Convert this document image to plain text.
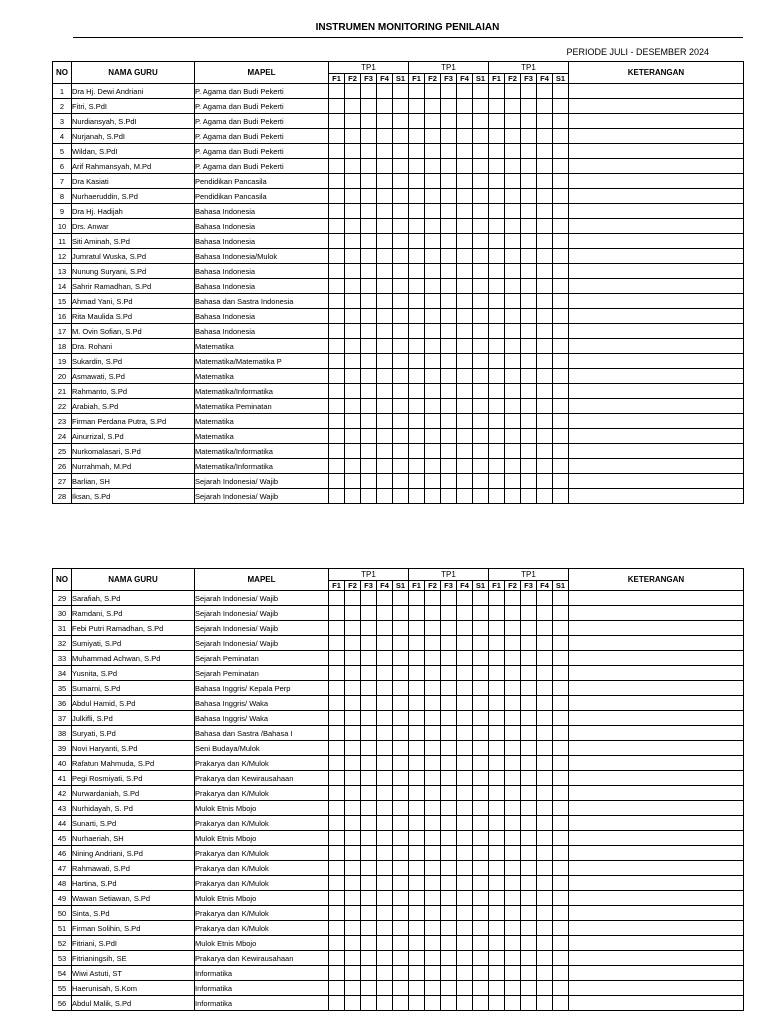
INSTRUMEN MONITORING PENILAIAN
PERIODE JULI - DESEMBER 2024
NO	NAMA GURU	MAPEL	TP1					TP1					TP1					KETERANGAN
			F1	F2	F3	F4	S1	F1	F2	F3	F4	S1	F1	F2	F3	F4	S1	
1	Dra Hj. Dewi Andriani	P. Agama dan Budi Pekerti																
2	Fitri, S.PdI	P. Agama dan Budi Pekerti																
3	Nurdiansyah, S.PdI	P. Agama dan Budi Pekerti																
4	Nurjanah, S.PdI	P. Agama dan Budi Pekerti																
5	Wildan, S.PdI	P. Agama dan Budi Pekerti																
6	Arif Rahmansyah, M.Pd	P. Agama dan Budi Pekerti																
7	Dra Kasiati	Pendidikan Pancasila																
8	Nurhaeruddin, S.Pd	Pendidikan Pancasila																
9	Dra Hj. Hadijah	Bahasa Indonesia																
10	Drs. Anwar	Bahasa Indonesia																
11	Siti Aminah, S.Pd	Bahasa Indonesia																
12	Jumratul Wuska, S.Pd	Bahasa Indonesia/Mulok																
13	Nunung Suryani, S.Pd	Bahasa Indonesia																
14	Sahrir Ramadhan, S.Pd	Bahasa Indonesia																
15	Ahmad Yani, S.Pd	Bahasa dan Sastra Indonesia																
16	Rita Maulida S.Pd	Bahasa Indonesia																
17	M. Ovin Sofian, S.Pd	Bahasa Indonesia																
18	Dra. Rohani	Matematika																
19	Sukardin, S.Pd	Matematika/Matematika P																
20	Asmawati, S.Pd	Matematika																
21	Rahmanto, S.Pd	Matematika/Informatika																
22	Arabiah, S.Pd	Matematika Peminatan																
23	Firman Perdana Putra, S.Pd	Matematika																
24	Ainurrizal, S.Pd	Matematika																
25	Nurkomalasari, S.Pd	Matematika/Informatika																
26	Nurrahmah, M.Pd	Matematika/Informatika																
27	Barlian, SH	Sejarah Indonesia/ Wajib																
28	Iksan, S.Pd	Sejarah Indonesia/ Wajib																
NO	NAMA GURU	MAPEL	TP1					TP1					TP1					KETERANGAN
			F1	F2	F3	F4	S1	F1	F2	F3	F4	S1	F1	F2	F3	F4	S1	
29	Sarafiah, S.Pd	Sejarah Indonesia/ Wajib																
30	Ramdani, S.Pd	Sejarah Indonesia/ Wajib																
31	Febi Putri Ramadhan, S.Pd	Sejarah Indonesia/ Wajib																
32	Sumiyati, S.Pd	Sejarah Indonesia/ Wajib																
33	Muhammad Achwan, S.Pd	Sejarah Peminatan																
34	Yusnita, S.Pd	Sejarah Peminatan																
35	Sumarni, S.Pd	Bahasa Inggris/ Kepala Perp																
36	Abdul Hamid, S.Pd	Bahasa Inggris/ Waka																
37	Julkifli, S.Pd	Bahasa Inggris/ Waka																
38	Suryati, S.Pd	Bahasa dan Sastra /Bahasa I																
39	Novi Haryanti, S.Pd	Seni Budaya/Mulok																
40	Rafatun Mahmuda, S.Pd	Prakarya dan K/Mulok																
41	Pegi Rosmiyati, S.Pd	Prakarya dan Kewirausahaan																
42	Nurwardaniah, S.Pd	Prakarya dan K/Mulok																
43	Nurhidayah, S. Pd	Mulok Etnis Mbojo																
44	Sunarti, S.Pd	Prakarya dan K/Mulok																
45	Nurhaeriah, SH	Mulok Etnis Mbojo																
46	Nining Andriani, S.Pd	Prakarya dan K/Mulok																
47	Rahmawati, S.Pd	Prakarya dan K/Mulok																
48	Hartina, S.Pd	Prakarya dan K/Mulok																
49	Wawan Setiawan, S.Pd	Mulok Etnis Mbojo																
50	Sinta, S.Pd	Prakarya dan K/Mulok																
51	Firman Solihin, S.Pd	Prakarya dan K/Mulok																
52	Fitriani, S.PdI	Mulok Etnis Mbojo																
53	Fitrianingsih, SE	Prakarya dan Kewirausahaan																
54	Wiwi Astuti, ST	Informatika																
55	Haerunisah, S.Kom	Informatika																
56	Abdul Malik, S.Pd	Informatika																
